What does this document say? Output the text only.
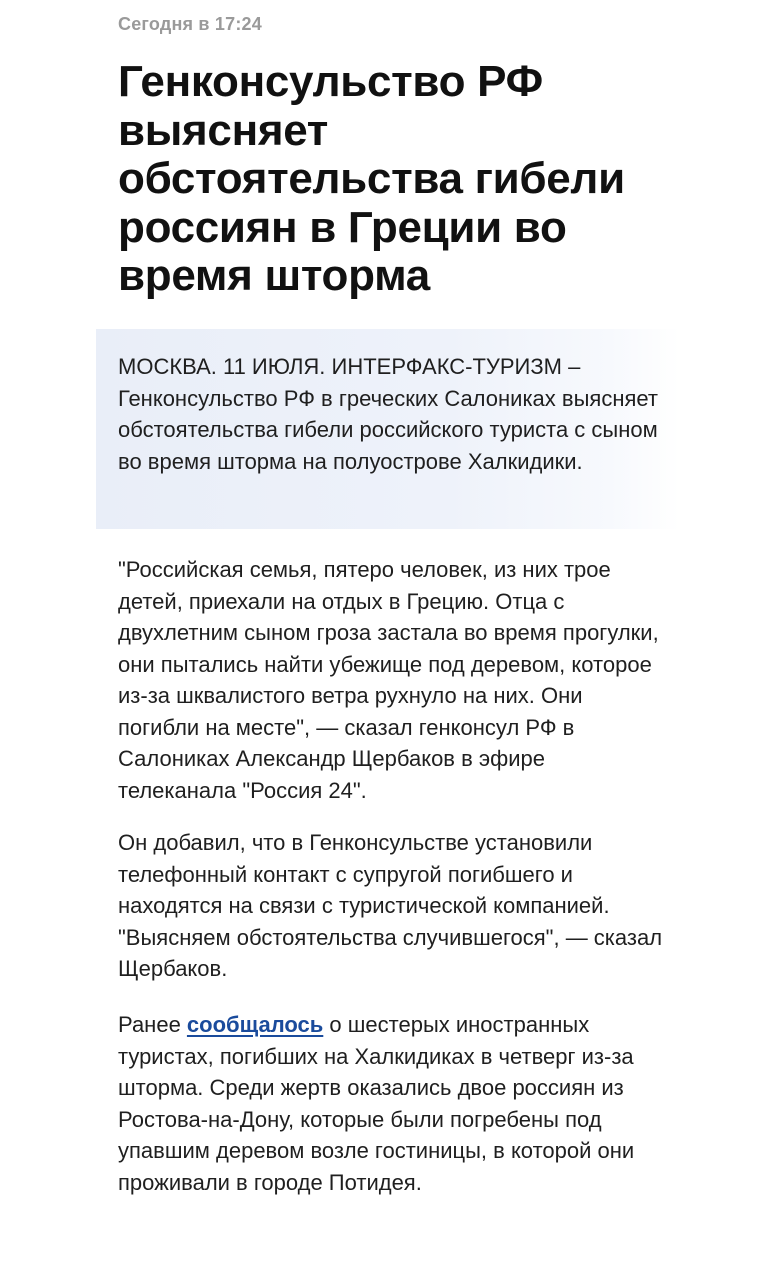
Сегодня в 17:24
Генконсульство РФ выясняет обстоятельства гибели россиян в Греции во время шторма

МОСКВА. 11 ИЮЛЯ. ИНТЕРФАКС-ТУРИЗМ – Генконсульство РФ в греческих Салониках выясняет обстоятельства гибели российского туриста с сыном во время шторма на полуострове Халкидики.

"Российская семья, пятеро человек, из них трое детей, приехали на отдых в Грецию. Отца с двухлетним сыном гроза застала во время прогулки, они пытались найти убежище под деревом, которое из-за шквалистого ветра рухнуло на них. Они погибли на месте", — сказал генконсул РФ в Салониках Александр Щербаков в эфире телеканала "Россия 24".

Он добавил, что в Генконсульстве установили телефонный контакт с супругой погибшего и находятся на связи с туристической компанией. "Выясняем обстоятельства случившегося", — сказал Щербаков.

Ранее сообщалось о шестерых иностранных туристах, погибших на Халкидиках в четверг из-за шторма. Среди жертв оказались двое россиян из Ростова-на-Дону, которые были погребены под упавшим деревом возле гостиницы, в которой они проживали в городе Потидея.
